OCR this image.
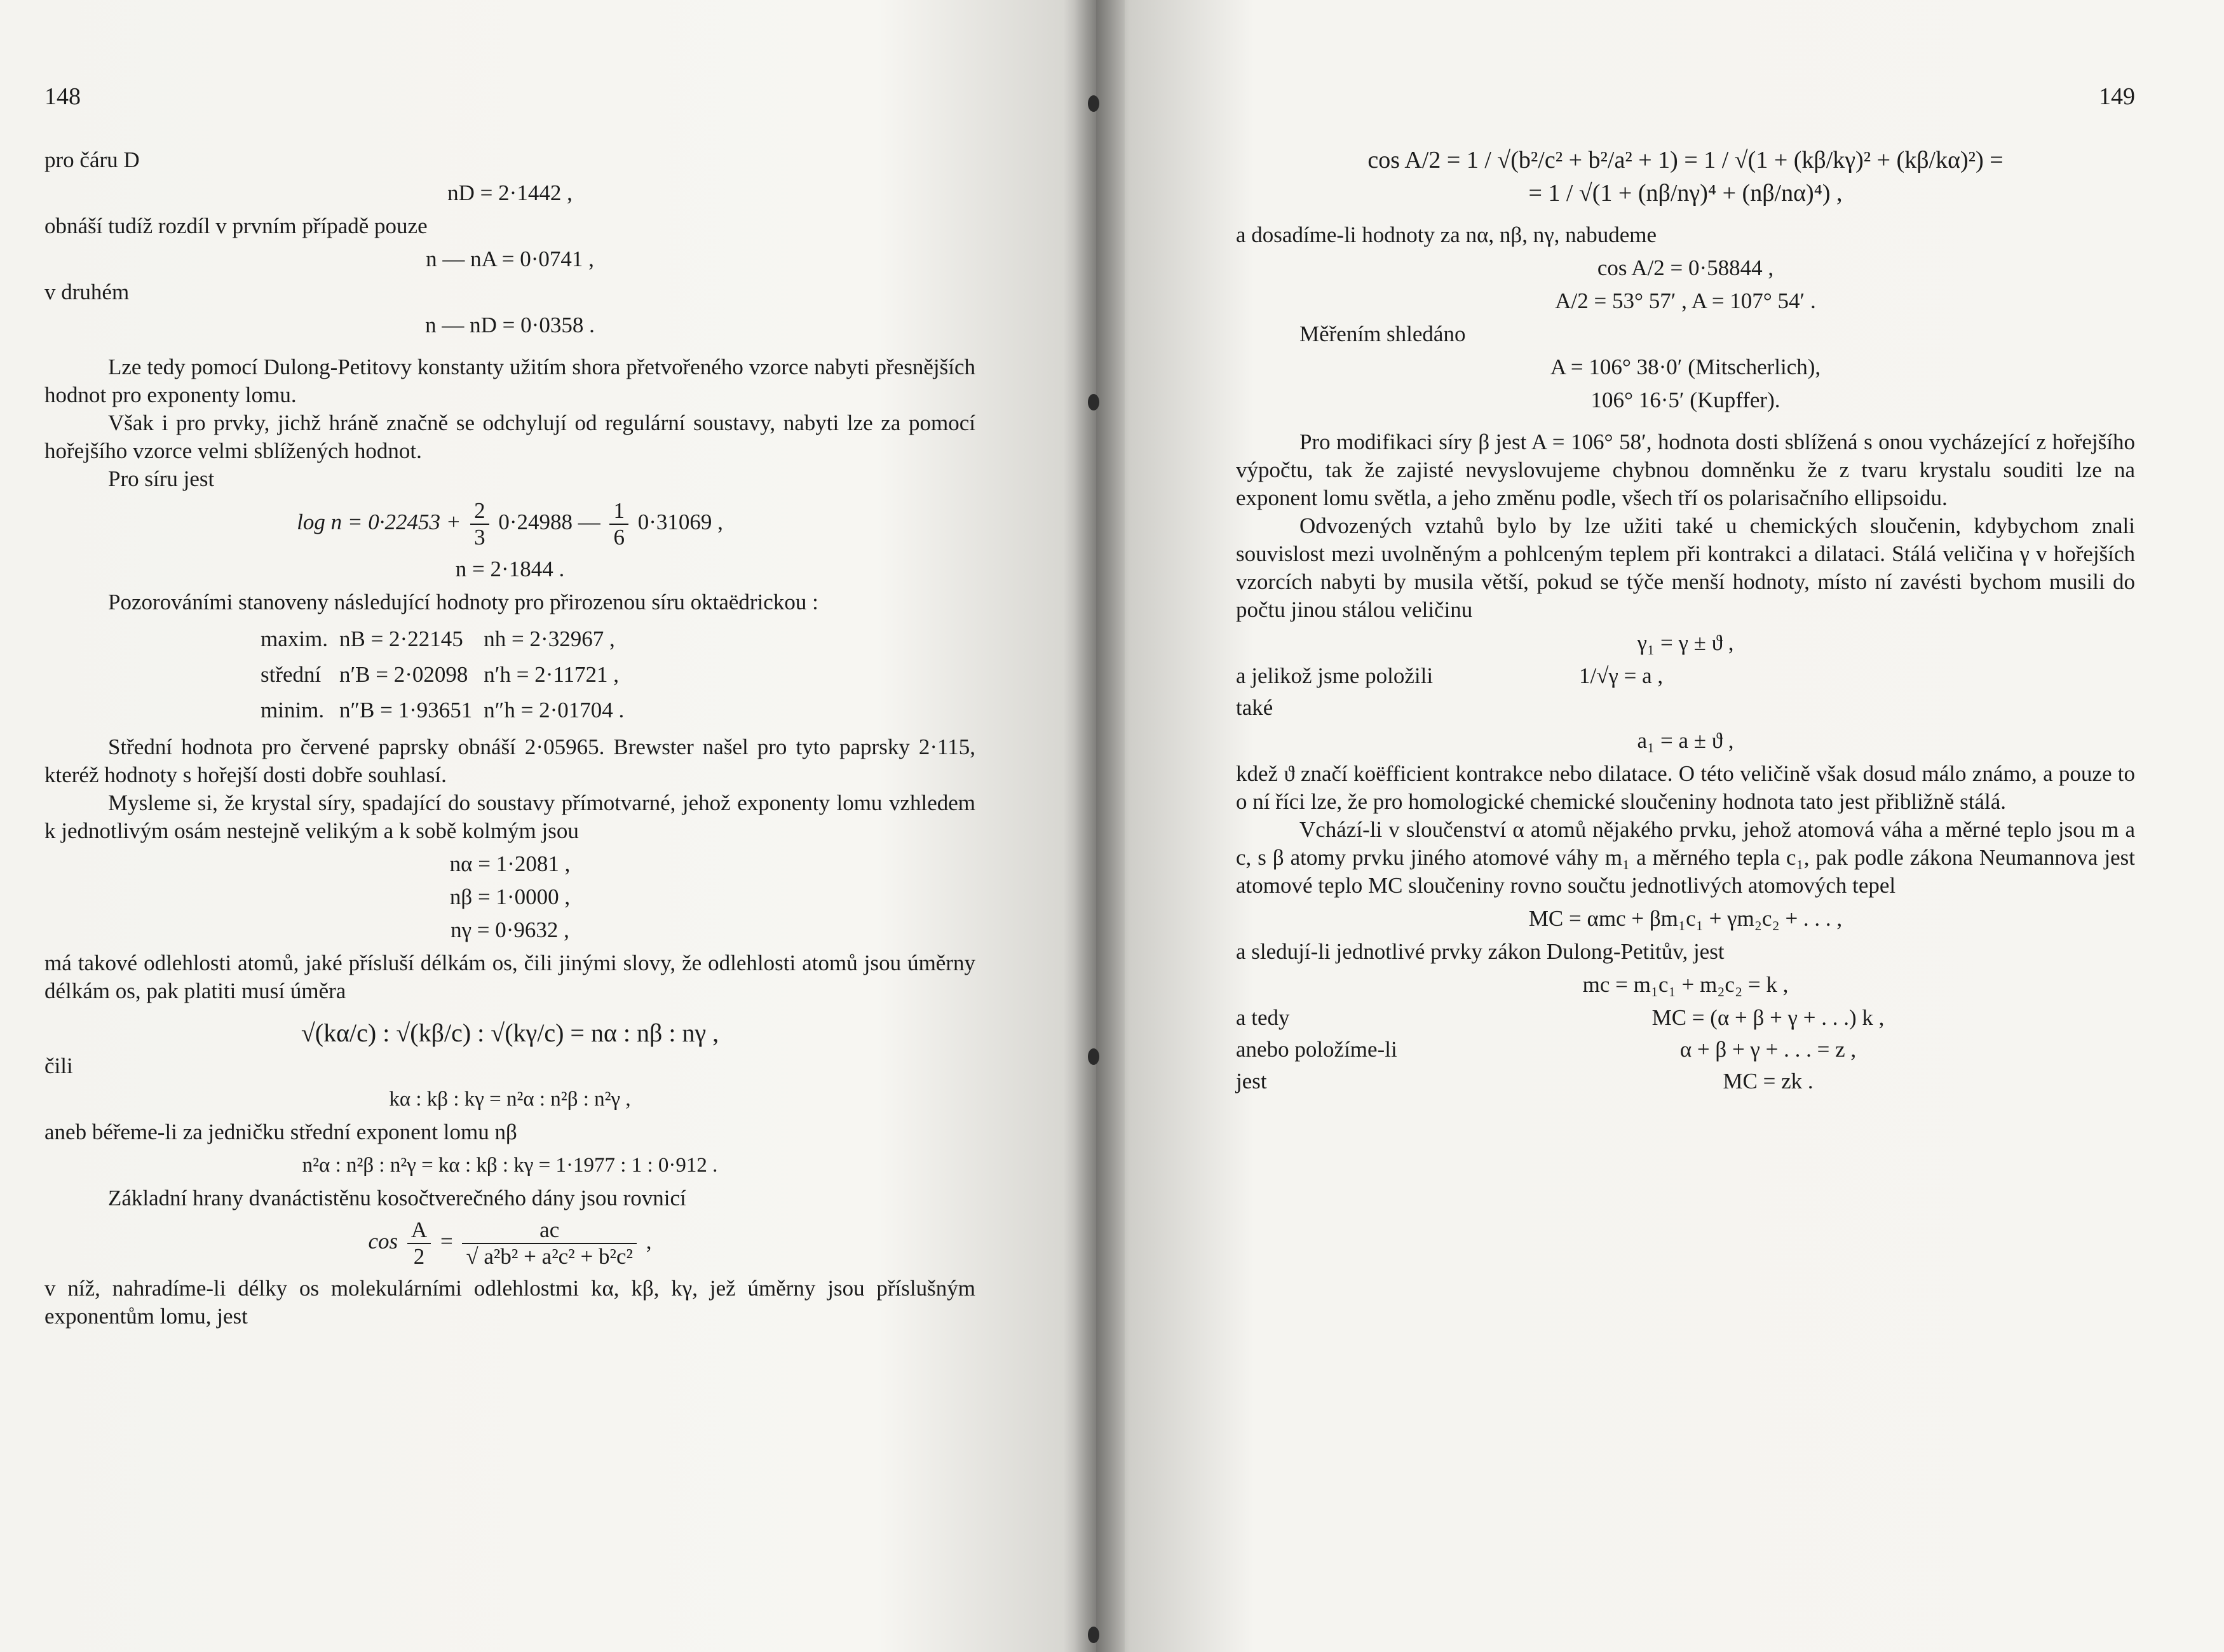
148

pro čáru D

nD = 2·1442 ,

obnáší tudíž rozdíl v prvním případě pouze

n — nA = 0·0741 ,

v druhém

n — nD = 0·0358 .

Lze tedy pomocí Dulong-Petitovy konstanty užitím shora přetvořeného vzorce nabyti přesnějších hodnot pro exponenty lomu.

Však i pro prvky, jichž hráně značně se odchylují od regulární soustavy, nabyti lze za pomocí hořejšího vzorce velmi sblížených hodnot.

Pro síru jest

$\log n = 0\cdot 22453 + \frac{2}{3} 0\cdot 24988$ — $\frac{1}{6} 0\cdot 31069$ ,
n = 2·1844 .

Pozorováními stanoveny následující hodnoty pro přirozenou síru oktaëdrickou :

maxim.	nB = 2·22145	nh = 2·32967 ,
střední	n′B = 2·02098	n′h = 2·11721 ,
minim.	n″B = 1·93651	n″h = 2·01704 .

Střední hodnota pro červené paprsky obnáší 2·05965. Brewster našel pro tyto paprsky 2·115, kteréž hodnoty s hořejší dosti dobře souhlasí.

Mysleme si, že krystal síry, spadající do soustavy přímotvarné, jehož exponenty lomu vzhledem k jednotlivým osám nestejně velikým a k sobě kolmým jsou

nα = 1·2081 ,
nβ = 1·0000 ,
nγ = 0·9632 ,

má takové odlehlosti atomů, jaké přísluší délkám os, čili jinými slovy, že odlehlosti atomů jsou úměrny délkám os, pak platiti musí úměra

√(kα/c) : √(kβ/c) : √(kγ/c) = nα : nβ : nγ ,

čili

kα : kβ : kγ = n²α : n²β : n²γ ,

aneb béřeme-li za jedničku střední exponent lomu nβ

n²α : n²β : n²γ = kα : kβ : kγ = 1·1977 : 1 : 0·912 .

Základní hrany dvanáctistěnu kosočtverečného dány jsou rovnicí

$\cos \frac{A}{2} = \frac{ac}{\text{√ a²b² + a²c² + b²c²}}$ ,

v níž, nahradíme-li délky os molekulárními odlehlostmi kα, kβ, kγ, jež úměrny jsou příslušným exponentům lomu, jest

149
cos A/2 = 1 / √(b²/c² + b²/a² + 1) = 1 / √(1 + (kβ/kγ)² + (kβ/kα)²) =
= 1 / √(1 + (nβ/nγ)⁴ + (nβ/nα)⁴) ,

a dosadíme-li hodnoty za nα, nβ, nγ, nabudeme

cos A/2 = 0·58844 ,
A/2 = 53° 57′ , A = 107° 54′ .

Měřením shledáno

A = 106° 38·0′ (Mitscherlich),
106° 16·5′ (Kupffer).

Pro modifikaci síry β jest A = 106° 58′, hodnota dosti sblížená s onou vycházející z hořejšího výpočtu, tak že zajisté nevyslovujeme chybnou domněnku že z tvaru krystalu souditi lze na exponent lomu světla, a jeho změnu podle, všech tří os polarisačního ellipsoidu.

Odvozených vztahů bylo by lze užiti také u chemických sloučenin, kdybychom znali souvislost mezi uvolněným a pohlceným teplem při kontrakci a dilataci. Stálá veličina γ v hořejších vzorcích nabyti by musila větší, pokud se týče menší hodnoty, místo ní zavésti bychom musili do počtu jinou stálou veličinu

γ₁ = γ ± ϑ ,
a jelikož jsme položili	1/√γ = a ,

také

a₁ = a ± ϑ ,

kdež ϑ značí koëfficient kontrakce nebo dilatace. O této veličině však dosud málo známo, a pouze to o ní říci lze, že pro homologické chemické sloučeniny hodnota tato jest přibližně stálá.

Vchází-li v sloučenství α atomů nějakého prvku, jehož atomová váha a měrné teplo jsou m a c, s β atomy prvku jiného atomové váhy m₁ a měrného tepla c₁, pak podle zákona Neumannova jest atomové teplo MC sloučeniny rovno součtu jednotlivých atomových tepel

MC = αmc + βm₁c₁ + γm₂c₂ + . . . ,

a sledují-li jednotlivé prvky zákon Dulong-Petitův, jest

mc = m₁c₁ + m₂c₂ = k ,
a tedy	MC = (α + β + γ + . . .) k ,
anebo položíme-li	α + β + γ + . . . = z ,
jest	MC = zk .
